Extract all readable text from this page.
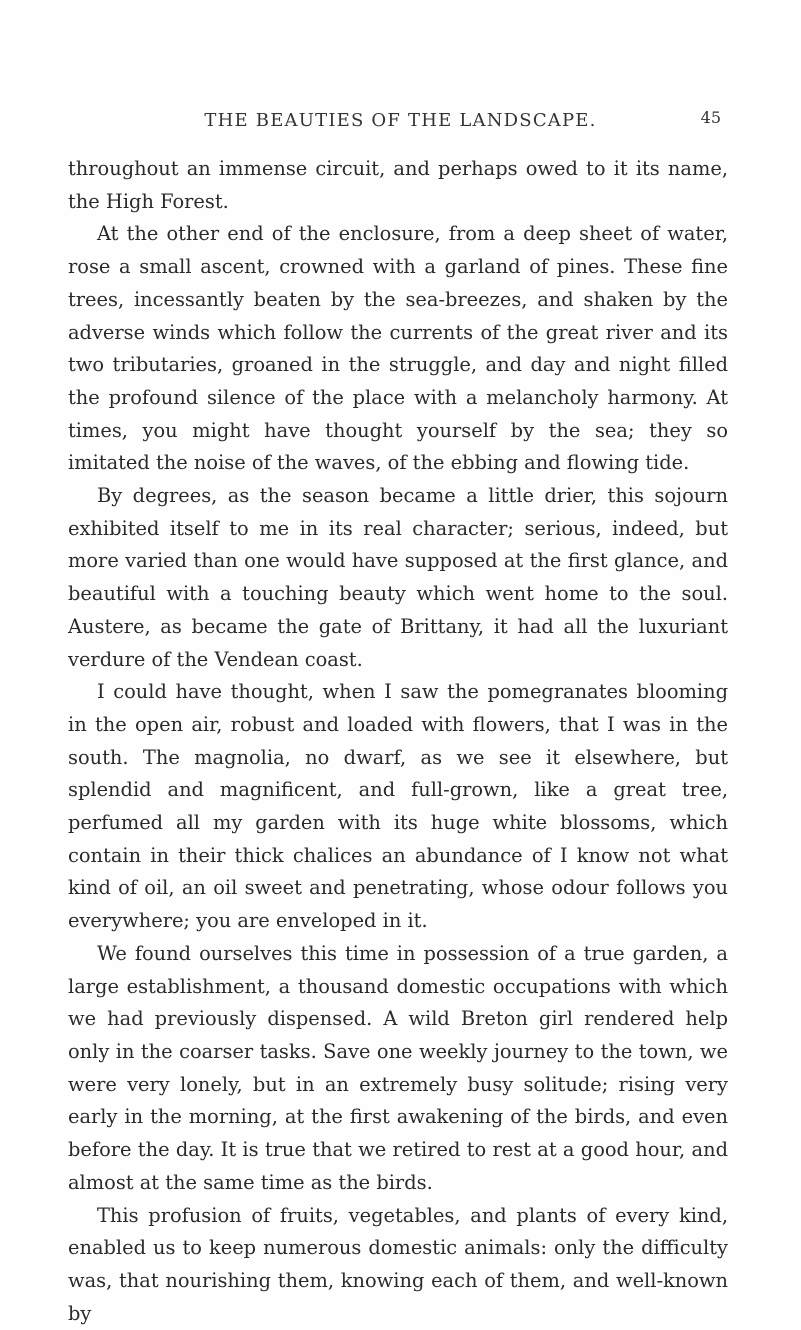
THE BEAUTIES OF THE LANDSCAPE.	45

throughout an immense circuit, and perhaps owed to it its name, the High Forest.

At the other end of the enclosure, from a deep sheet of water, rose a small ascent, crowned with a garland of pines. These fine trees, incessantly beaten by the sea-breezes, and shaken by the adverse winds which follow the currents of the great river and its two tributaries, groaned in the struggle, and day and night filled the profound silence of the place with a melancholy harmony. At times, you might have thought yourself by the sea; they so imitated the noise of the waves, of the ebbing and flowing tide.

By degrees, as the season became a little drier, this sojourn exhibited itself to me in its real character; serious, indeed, but more varied than one would have supposed at the first glance, and beautiful with a touching beauty which went home to the soul. Austere, as became the gate of Brittany, it had all the luxuriant verdure of the Vendean coast.

I could have thought, when I saw the pomegranates blooming in the open air, robust and loaded with flowers, that I was in the south. The magnolia, no dwarf, as we see it elsewhere, but splendid and magnificent, and full-grown, like a great tree, perfumed all my garden with its huge white blossoms, which contain in their thick chalices an abundance of I know not what kind of oil, an oil sweet and penetrating, whose odour follows you everywhere; you are enveloped in it.

We found ourselves this time in possession of a true garden, a large establishment, a thousand domestic occupations with which we had previously dispensed. A wild Breton girl rendered help only in the coarser tasks. Save one weekly journey to the town, we were very lonely, but in an extremely busy solitude; rising very early in the morning, at the first awakening of the birds, and even before the day. It is true that we retired to rest at a good hour, and almost at the same time as the birds.

This profusion of fruits, vegetables, and plants of every kind, enabled us to keep numerous domestic animals: only the difficulty was, that nourishing them, knowing each of them, and well-known by
